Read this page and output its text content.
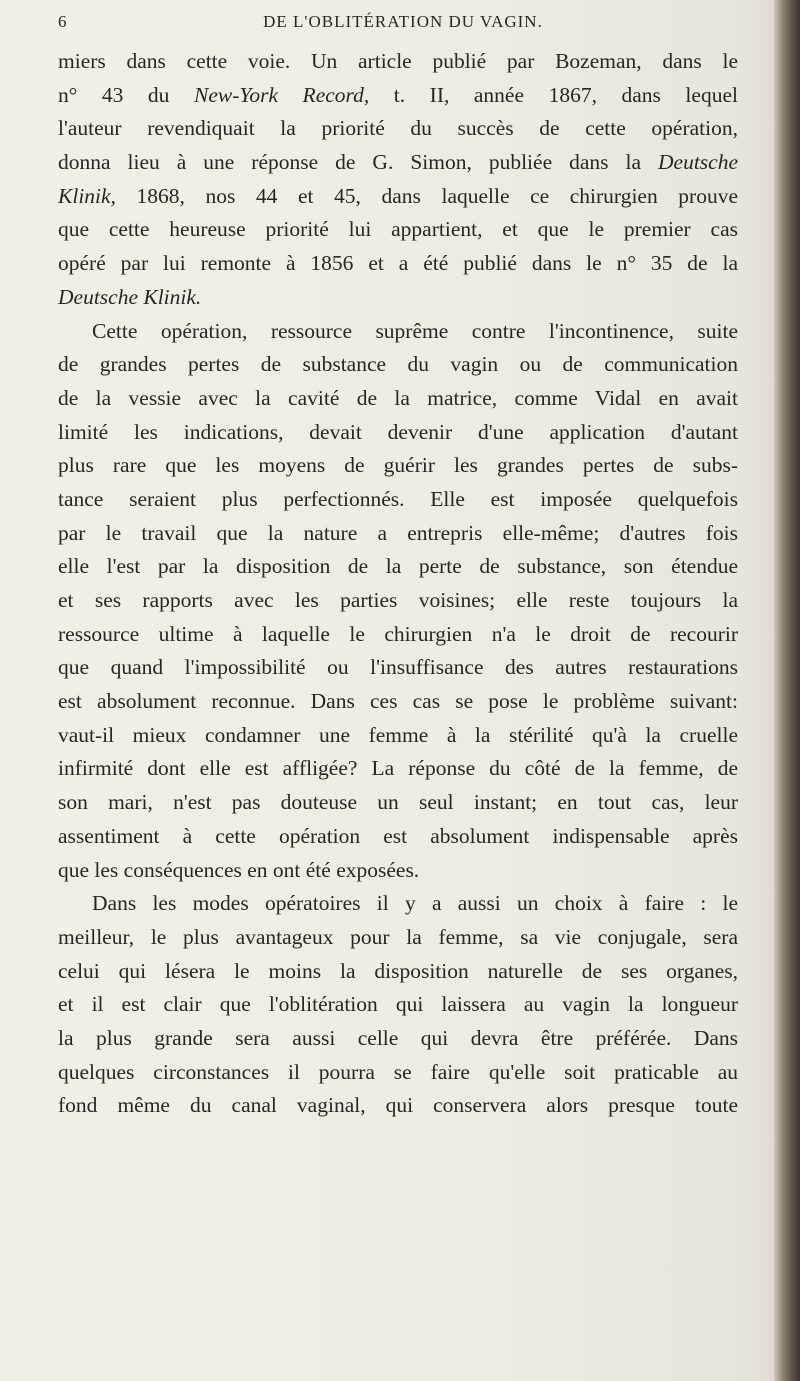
6	DE L'OBLITÉRATION DU VAGIN.
miers dans cette voie. Un article publié par Bozeman, dans le
n° 43 du New-York Record, t. II, année 1867, dans lequel
l'auteur revendiquait la priorité du succès de cette opération,
donna lieu à une réponse de G. Simon, publiée dans la Deutsche
Klinik, 1868, nos 44 et 45, dans laquelle ce chirurgien prouve
que cette heureuse priorité lui appartient, et que le premier cas
opéré par lui remonte à 1856 et a été publié dans le n° 35 de la
Deutsche Klinik.
Cette opération, ressource suprême contre l'incontinence, suite
de grandes pertes de substance du vagin ou de communication
de la vessie avec la cavité de la matrice, comme Vidal en avait
limité les indications, devait devenir d'une application d'autant
plus rare que les moyens de guérir les grandes pertes de subs-
tance seraient plus perfectionnés. Elle est imposée quelquefois
par le travail que la nature a entrepris elle-même; d'autres fois
elle l'est par la disposition de la perte de substance, son étendue
et ses rapports avec les parties voisines; elle reste toujours la
ressource ultime à laquelle le chirurgien n'a le droit de recourir
que quand l'impossibilité ou l'insuffisance des autres restaurations
est absolument reconnue. Dans ces cas se pose le problème suivant:
vaut-il mieux condamner une femme à la stérilité qu'à la cruelle
infirmité dont elle est affligée? La réponse du côté de la femme, de
son mari, n'est pas douteuse un seul instant; en tout cas, leur
assentiment à cette opération est absolument indispensable après
que les conséquences en ont été exposées.
Dans les modes opératoires il y a aussi un choix à faire : le
meilleur, le plus avantageux pour la femme, sa vie conjugale, sera
celui qui lésera le moins la disposition naturelle de ses organes,
et il est clair que l'oblitération qui laissera au vagin la longueur
la plus grande sera aussi celle qui devra être préférée. Dans
quelques circonstances il pourra se faire qu'elle soit praticable au
fond même du canal vaginal, qui conservera alors presque toute
